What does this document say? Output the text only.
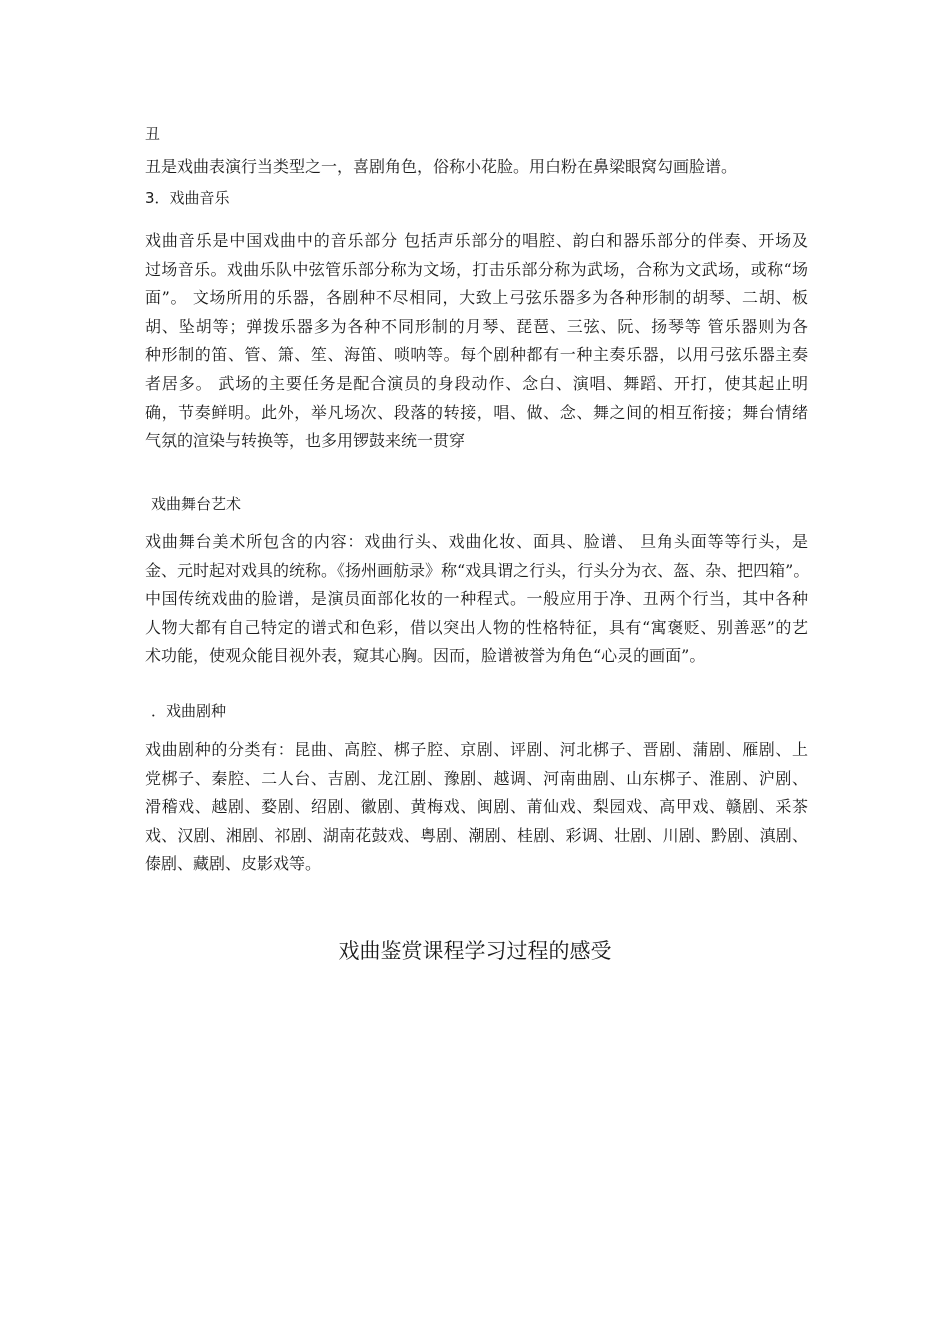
丑
丑是戏曲表演行当类型之一，喜剧角色，俗称小花脸。用白粉在鼻梁眼窝勾画脸谱。
3．戏曲音乐

戏曲音乐是中国戏曲中的音乐部分 包括声乐部分的唱腔、韵白和器乐部分的伴奏、开场及

过场音乐。戏曲乐队中弦管乐部分称为文场，打击乐部分称为武场，合称为文武场，或称“场

面”。 文场所用的乐器，各剧种不尽相同，大致上弓弦乐器多为各种形制的胡琴、二胡、板

胡、坠胡等；弹拨乐器多为各种不同形制的月琴、琵琶、三弦、阮、扬琴等 管乐器则为各

种形制的笛、管、箫、笙、海笛、唢呐等。每个剧种都有一种主奏乐器，以用弓弦乐器主奏

者居多。 武场的主要任务是配合演员的身段动作、念白、演唱、舞蹈、开打，使其起止明

确，节奏鲜明。此外，举凡场次、段落的转接，唱、做、念、舞之间的相互衔接；舞台情绪

气氛的渲染与转换等，也多用锣鼓来统一贯穿

戏曲舞台艺术

戏曲舞台美术所包含的内容：戏曲行头、戏曲化妆、面具、脸谱、 旦角头面等等行头，是

金、元时起对戏具的统称。《扬州画舫录》称“戏具谓之行头，行头分为衣、盔、杂、把四箱”。

中国传统戏曲的脸谱，是演员面部化妆的一种程式。一般应用于净、丑两个行当，其中各种

人物大都有自己特定的谱式和色彩，借以突出人物的性格特征，具有“寓褒贬、别善恶”的艺

术功能，使观众能目视外表，窥其心胸。因而，脸谱被誉为角色“心灵的画面”。

．戏曲剧种

戏曲剧种的分类有：昆曲、高腔、梆子腔、京剧、评剧、河北梆子、晋剧、蒲剧、雁剧、上

党梆子、秦腔、二人台、吉剧、龙江剧、豫剧、越调、河南曲剧、山东梆子、淮剧、沪剧、

滑稽戏、越剧、婺剧、绍剧、徽剧、黄梅戏、闽剧、莆仙戏、梨园戏、高甲戏、赣剧、采茶

戏、汉剧、湘剧、祁剧、湖南花鼓戏、粤剧、潮剧、桂剧、彩调、壮剧、川剧、黔剧、滇剧、

傣剧、藏剧、皮影戏等。

戏曲鉴赏课程学习过程的感受
